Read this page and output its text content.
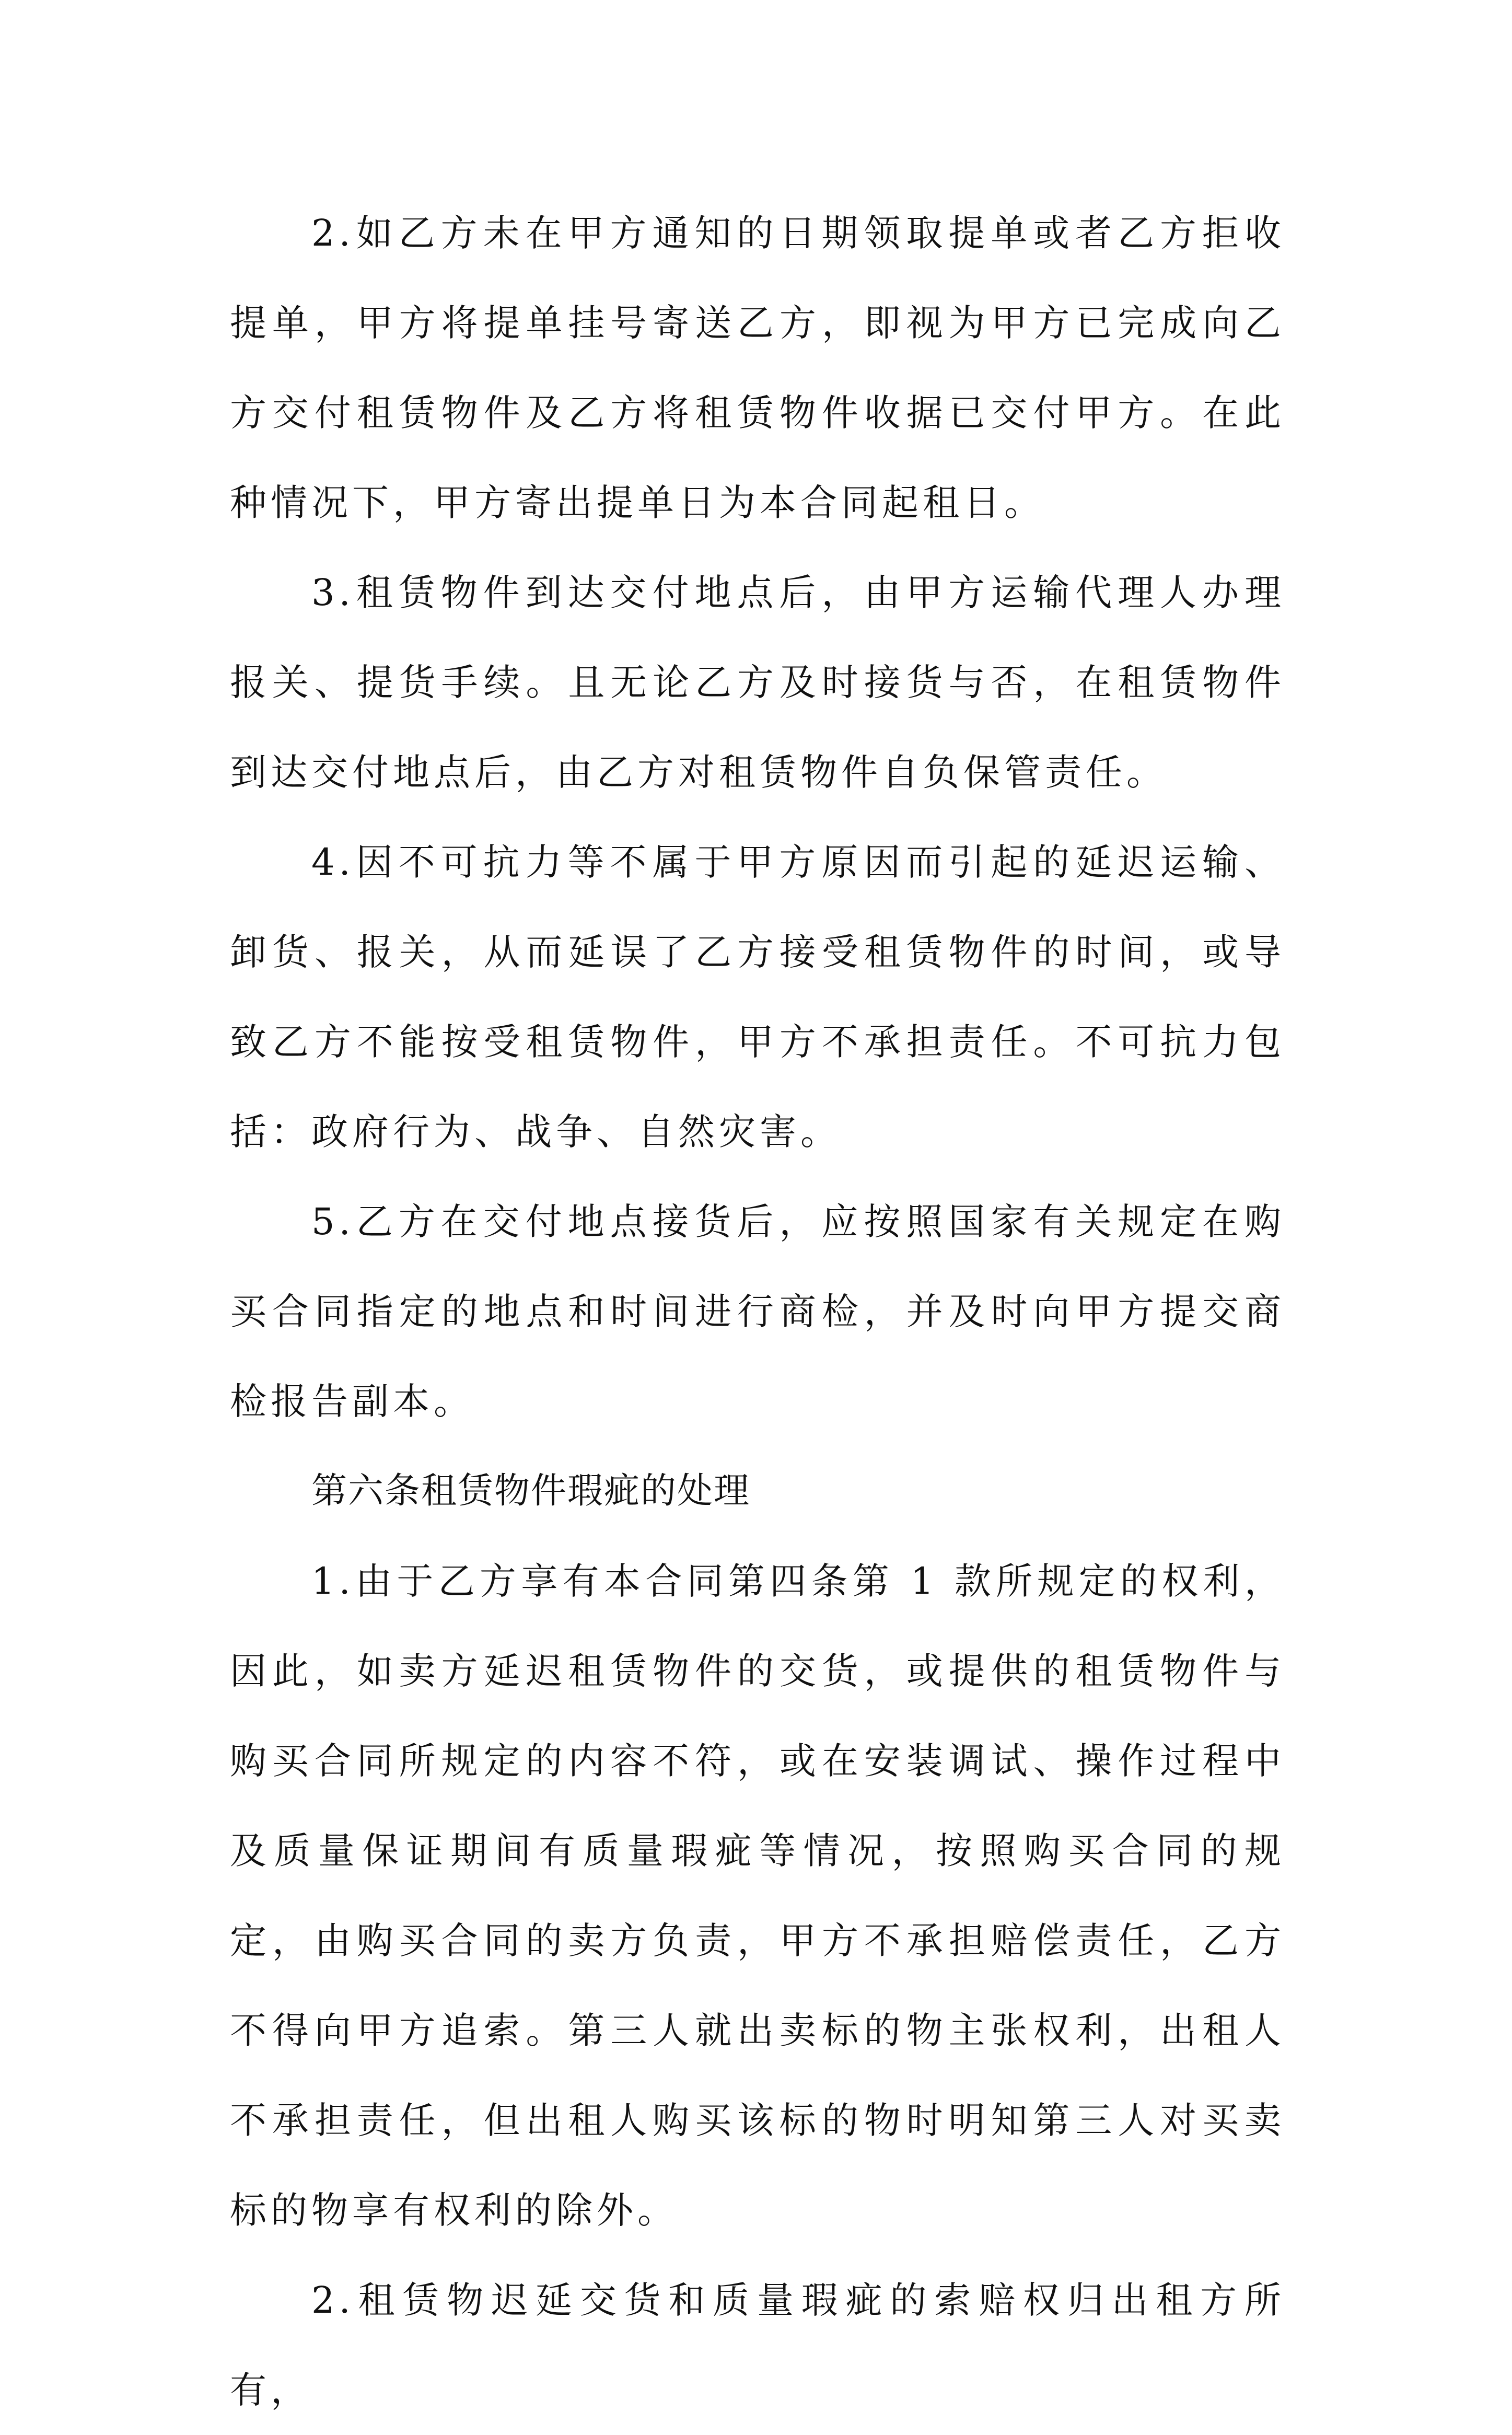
2.如乙方未在甲方通知的日期领取提单或者乙方拒收提单，甲方将提单挂号寄送乙方，即视为甲方已完成向乙方交付租赁物件及乙方将租赁物件收据已交付甲方。在此种情况下，甲方寄出提单日为本合同起租日。

3.租赁物件到达交付地点后，由甲方运输代理人办理报关、提货手续。且无论乙方及时接货与否，在租赁物件到达交付地点后，由乙方对租赁物件自负保管责任。

4.因不可抗力等不属于甲方原因而引起的延迟运输、卸货、报关，从而延误了乙方接受租赁物件的时间，或导致乙方不能按受租赁物件，甲方不承担责任。不可抗力包括：政府行为、战争、自然灾害。

5.乙方在交付地点接货后，应按照国家有关规定在购买合同指定的地点和时间进行商检，并及时向甲方提交商检报告副本。

第六条租赁物件瑕疵的处理

1.由于乙方享有本合同第四条第 1 款所规定的权利，因此，如卖方延迟租赁物件的交货，或提供的租赁物件与购买合同所规定的内容不符，或在安装调试、操作过程中及质量保证期间有质量瑕疵等情况，按照购买合同的规定，由购买合同的卖方负责，甲方不承担赔偿责任，乙方不得向甲方追索。第三人就出卖标的物主张权利，出租人不承担责任，但出租人购买该标的物时明知第三人对买卖标的物享有权利的除外。

2.租赁物迟延交货和质量瑕疵的索赔权归出租方所有，
